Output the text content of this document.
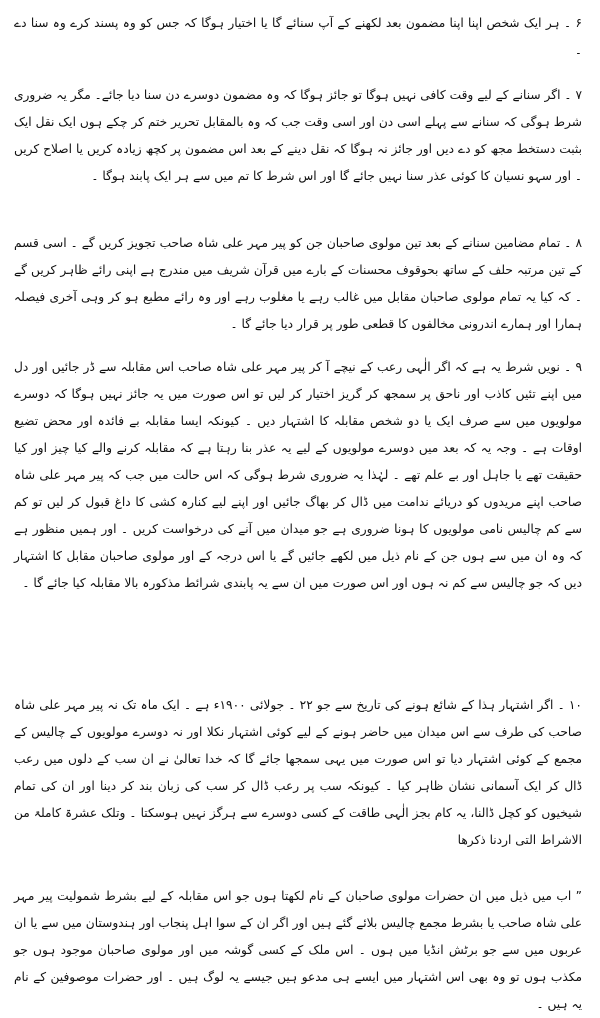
۶ ۔ ہر ایک شخص اپنا اپنا مضمون بعد لکھنے کے آپ سنائے گا یا اختیار ہوگا کہ جس کو وہ پسند کرے وہ سنا دے ۔

۷ ۔ اگر سنانے کے لیے وقت کافی نہیں ہوگا تو جائز ہوگا کہ وہ مضمون دوسرے دن سنا دیا جائے۔ مگر یہ ضروری شرط ہوگی کہ سنانے سے پہلے اسی دن اور اسی وقت جب کہ وہ بالمقابل تحریر ختم کر چکے ہوں ایک نقل ایک بثبت دستخط مجھ کو دے دیں اور جائز نہ ہوگا کہ نقل دینے کے بعد اس مضمون پر کچھ زیادہ کریں یا اصلاح کریں ۔ اور سہو نسیان کا کوئی عذر سنا نہیں جائے گا اور اس شرط کا تم میں سے ہر ایک پابند ہوگا ۔

۸ ۔ تمام مضامین سنانے کے بعد تین مولوی صاحبان جن کو پیر مہر علی شاہ صاحب تجویز کریں گے ۔ اسی قسم کے تین مرتبہ حلف کے ساتھ بحوقوف محسنات کے بارے میں قرآن شریف میں مندرج ہے اپنی رائے ظاہر کریں گے ۔ کہ کیا یہ تمام مولوی صاحبان مقابل میں غالب رہے یا مغلوب رہے اور وہ رائے مطبع ہو کر وہی آخری فیصلہ ہمارا اور ہمارے اندرونی مخالفوں کا قطعی طور پر قرار دیا جائے گا ۔

۹ ۔ نویں شرط یہ ہے کہ اگر الٰہی رعب کے نیچے آ کر پیر مہر علی شاہ صاحب اس مقابلہ سے ڈر جائیں اور دل میں اپنے تئیں کاذب اور ناحق پر سمجھ کر گریز اختیار کر لیں تو اس صورت میں یہ جائز نہیں ہوگا کہ دوسرے مولویوں میں سے صرف ایک یا دو شخص مقابلہ کا اشتہار دیں ۔ کیونکہ ایسا مقابلہ بے فائدہ اور محض تضیع اوقات ہے ۔ وجہ یہ کہ بعد میں دوسرے مولویوں کے لیے یہ عذر بنا رہتا ہے کہ مقابلہ کرنے والے کیا چیز اور کیا حقیقت تھے یا جاہل اور بے علم تھے ۔ لہٰذا یہ ضروری شرط ہوگی کہ اس حالت میں جب کہ پیر مہر علی شاہ صاحب اپنے مریدوں کو دریائے ندامت میں ڈال کر بھاگ جائیں اور اپنے لیے کنارہ کشی کا داغ قبول کر لیں تو کم سے کم چالیس نامی مولویوں کا ہونا ضروری ہے جو میدان میں آنے کی درخواست کریں ۔ اور ہمیں منظور ہے کہ وہ ان میں سے ہوں جن کے نام ذیل میں لکھے جائیں گے یا اس درجہ کے اور مولوی صاحبان مقابل کا اشتہار دیں کہ جو چالیس سے کم نہ ہوں اور اس صورت میں ان سے یہ پابندی شرائط مذکورہ بالا مقابلہ کیا جائے گا ۔

۱۰ ۔ اگر اشتہار ہذا کے شائع ہونے کی تاریخ سے جو ۲۲ ۔ جولائی ۱۹۰۰ء ہے ۔ ایک ماہ تک نہ پیر مہر علی شاہ صاحب کی طرف سے اس میدان میں حاضر ہونے کے لیے کوئی اشتہار نکلا اور نہ دوسرے مولویوں کے چالیس کے مجمع کے کوئی اشتہار دیا تو اس صورت میں یہی سمجھا جائے گا کہ خدا تعالیٰ نے ان سب کے دلوں میں رعب ڈال کر ایک آسمانی نشان ظاہر کیا ۔ کیونکہ سب پر رعب ڈال کر سب کی زبان بند کر دینا اور ان کی تمام شیخیوں کو کچل ڈالنا، یہ کام بجز الٰہی طاقت کے کسی دوسرے سے ہرگز نہیں ہوسکتا ۔ وتلک عشرۃ کاملۃ من الاشراط التی اردنا ذکرھا

” اب میں ذیل میں ان حضرات مولوی صاحبان کے نام لکھتا ہوں جو اس مقابلہ کے لیے بشرط شمولیت پیر مہر علی شاہ صاحب یا بشرط مجمع چالیس بلائے گئے ہیں اور اگر ان کے سوا اہل پنجاب اور ہندوستان میں سے یا ان عربوں میں سے جو برٹش انڈیا میں ہوں ۔ اس ملک کے کسی گوشہ میں اور مولوی صاحبان موجود ہوں جو مکذب ہوں تو وہ بھی اس اشتہار میں ایسے ہی مدعو ہیں جیسے یہ لوگ ہیں ۔ اور حضرات موصوفین کے نام یہ ہیں ۔
